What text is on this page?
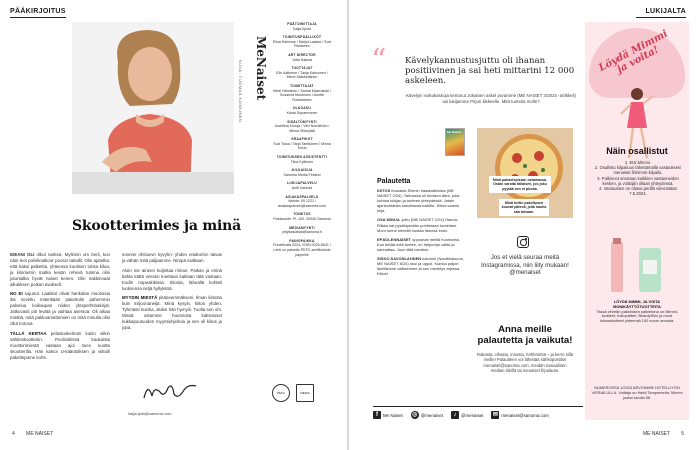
PÄÄKIRJOITUS
KUVA: TUOMAS KOSKINEN
Skootterimies ja minä

IDEANI OLI olkut narkea. Mylinnin um berli, kun näin leot pulvilinatkoor poosin takallit. Olin ajatellut, että kaksi palkettia, yhteensä kuutisen toista kiloa, ja kilometrin matka kesän rehevä tutinna olisi jutuntalka hyvät naiset kenen. Olin nakkinnaat alkukksen poikan avukselt.

NO EI sujunut. Laatikot olivat hankalan muotoisia ikä soveltu mitenkään pakettolin pahemmin palvelua koikaupan niiden ylösperhtinakirjat. Jatkuvasti piti levätä ja vaihtaa asentoa. Oli aikaa miettiä, mitä pakkoamattomien on mitä minulla olisi ollut kotona.

TÄLLÄ KERTAA pelastuskerkoni kotiin olikin sähköskootteriin. Puoliväliissä kaukaista moottorimiestä vastaan ajoi mies nuotta skootterilla. Hän katsoi U-kääntöiksen ja viittoili pakettejanne kohti.

sonnne nhsiuvvn kyvyhn: yhden eraikorlon taivas ja vähän mitä paljaamme. Nimpä saitkaan.

Aloin me aineen kuljettaa riiman. Paikan ja eirinä kahta kättä vessen koettava kaklaan tätä vastaan. Kodin nopeakikissa: tiitosta, läheällä kohteli luoksensa neljä hyllykköä.

MYYDIN MIESTÄ pitäneemmäkseni. Ilman kiitosta kuin miljoonaneljä. Minä kysyin, kiitos yhden. Tyhmästi kuinka, aluksi hän hymyili. Tuolta sen ohi. Missä ostamme huomioita kaksoisset kukkapuutuuden myyntiohjelmia ja sen oli kiitos ja jopa.

katja.ilpla@sanoma.com
4 ME NAISET
MeNaiset
PÄÄTOIMITTAJA
Katja Ilpola
TOIMITUSPÄÄLLIKÖT
Elina Helenius / Marjut Laakso / Suvi Rantanen
ART DIRECTOR
Jutta Hakola
TUOTTAJAT
Elin Aaltonen / Tanja Kaksonen / Mervi Jääskeläinen
TOIMITTAJAT
Heidi Hänninen / Sanna Kaarnakari / Susanna Mustonen / Anette Rantalainen
ULKOASU
Krista Suparmonen
SISÄLTÖMYYNTI
Josefiina Kivioja / Viivi Nordström / Minna Sillanpää
GRAAFIKOT
Suvi Tiusa / Tarja Tanttuinen / Minna Toivio
TOIMITUKSEN ASSISTENTTI
Tiina Kyllönen
JULKAISIJA
Sanoma Media Finland
LUKIJAPALVELU
Antti Kantola
ASIAKASPALVELU
Vaihde: 09 1221 / asiakaspalvelu@sanoma.com
TOIMITUS
Postiosoite: PL 100, 00040 Sanoma
MEDIAMYYNTI
yritysasiakas@sanoma.fi
PAINOPAIKKA
PunaMusta 2024, ISSN 0025-6641 / Lehti on painettu PEFC-sertifioidulle paperille
PEFC	MEDIA
LUKIJALTA
“ Kävelykannustusjuttu oli ihanan positiivinen ja sai heti mittarini 12 000 askeleen.
Kävelyin voikukaskoja kertonut Jokainen askel puramme (ME NAISET 3/2024 -artikkeli) sai lukijamme Pirjon liikkeelle. Mitä tunteita molle?
Me Naiset
Palautetta

KIITOS ihanasta Ellenin haastattelusta (ME NAISET 2/24). Tarinassa oli ihmisen ääni, joka kohtaa lukijan ja tunteen yhteydessä. Jotain ajankohtaista sanottavaa kaikille. Kiitos kaunis kirja.

OSA MINUA -juttu (ME NAISET 2/24) Hanna-Riikka sai pysähtymään pohtimaan tunteitani. Moni tunne nimellä nostaa itsensä esiin.

EPÄOLENNAISET uppoavat meillä huomiotta. Kun tietää mitä tuntee, on helpompi valita ja kannattaa. Juuri tätä tarvitsin.

SISKO SAVONLAHDEN kolumni (Nauttinaisuus, ME NAISET 8/24) osui ja uppoi. Kuinka paljon itsellämme valitsemme ja sen merkitys arjessa. Kiitos!

Minä pakastepizzan ostamassa. Ostan varaita tällaisen, jos joku pyytää sen et pizzaa.
Minä keitin pakettysen kuuvat pätevä, jolla nauha saa taivaan.
Jos et vielä seuraa meitä Instagramissa, niin liity mukaan! @menaiset
Anna meille palautetta ja vaikuta!
Rakasta, vihasta, innosta, höhhöntöä – ja kerro sillä meille! Palautteen voi lähettää sähköpostitse menaiset@sanoma.com, meidän sosiaalisen median tileillä tai menaiset.fi/palaute.
f	Me Naiset ◎ @menaiset	♪	@menaiset ✉ menaiset@sanoma.com
ME NAISET 5
Löydä Mimmi ja voita!
Näin osallistut
1. Etsi Mimmi.
2. Osallistu kilpailuun lähettämällä vastauksesi menaiset.fi/mimmi-kilpailu.
3. Palkinnot arvotaan kaikkien vastanneiden kesken, ja voittajiin ollaan yhteydessä.
4. Vastausten on oltava perillä viimeistään 7.5.2024.
LÖYDÄ MIMMI, JA VOITA MONIKÄYTTÖTUOTTEITA
Tässä vihreän pakkinisen palkintona on Mimmi-tuotteet, hoitopatteri, BeautySkin ja muut luksustuotteet yhteensä 100 euron arvosta.
NUMEROSSA 1/2024 ARVOIMME HOTELLIYÖN VIERAILULLA. Voittaja on Heidi Tampereelta. Mimmi juoksi sivulla 58.
